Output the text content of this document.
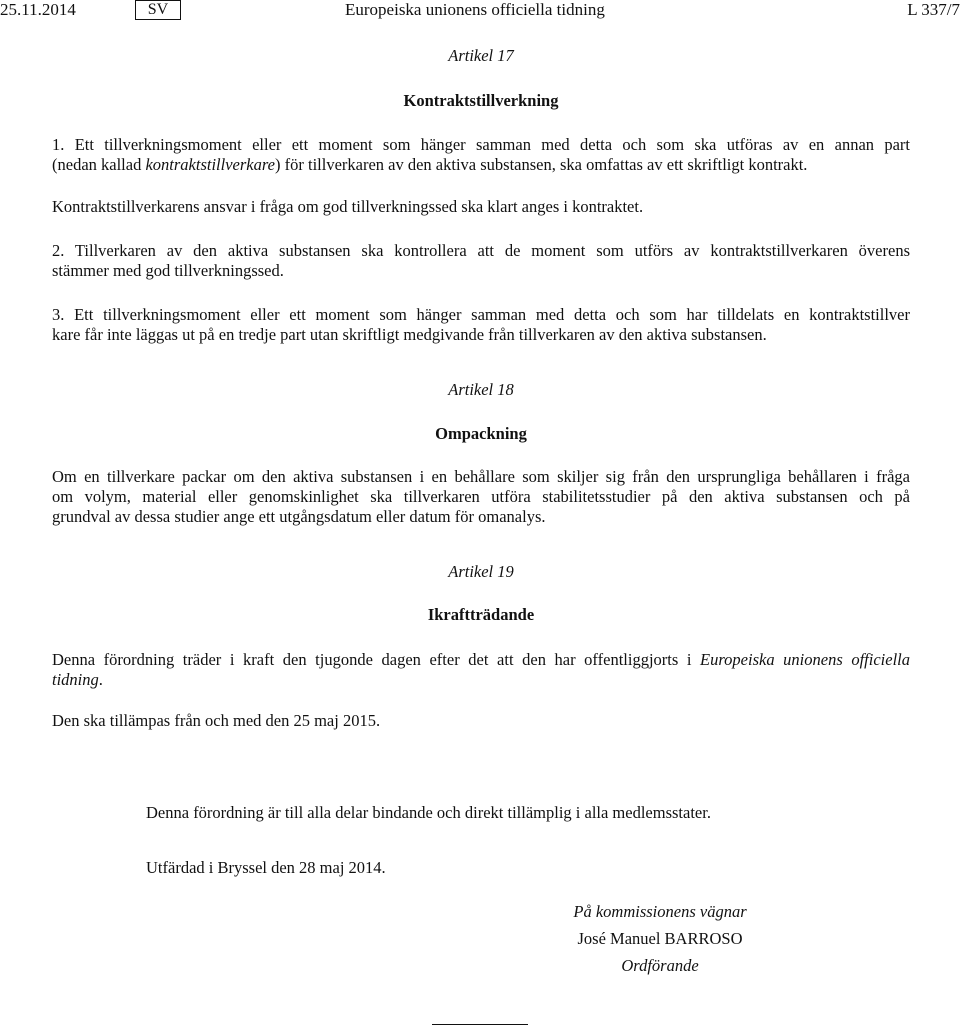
25.11.2014	SV	Europeiska unionens officiella tidning	L 337/7
Artikel 17
Kontraktstillverkning
1. Ett tillverkningsmoment eller ett moment som hänger samman med detta och som ska utföras av en annan part
(nedan kallad kontraktstillverkare) för tillverkaren av den aktiva substansen, ska omfattas av ett skriftligt kontrakt.
Kontraktstillverkarens ansvar i fråga om god tillverkningssed ska klart anges i kontraktet.
2. Tillverkaren av den aktiva substansen ska kontrollera att de moment som utförs av kontraktstillverkaren överens
stämmer med god tillverkningssed.
3. Ett tillverkningsmoment eller ett moment som hänger samman med detta och som har tilldelats en kontraktstillver
kare får inte läggas ut på en tredje part utan skriftligt medgivande från tillverkaren av den aktiva substansen.
Artikel 18
Ompackning
Om en tillverkare packar om den aktiva substansen i en behållare som skiljer sig från den ursprungliga behållaren i fråga
om volym, material eller genomskinlighet ska tillverkaren utföra stabilitetsstudier på den aktiva substansen och på
grundval av dessa studier ange ett utgångsdatum eller datum för omanalys.
Artikel 19
Ikraftträdande
Denna förordning träder i kraft den tjugonde dagen efter det att den har offentliggjorts i Europeiska unionens officiella
tidning.
Den ska tillämpas från och med den 25 maj 2015.
Denna förordning är till alla delar bindande och direkt tillämplig i alla medlemsstater.
Utfärdad i Bryssel den 28 maj 2014.
På kommissionens vägnar
José Manuel BARROSO
Ordförande
